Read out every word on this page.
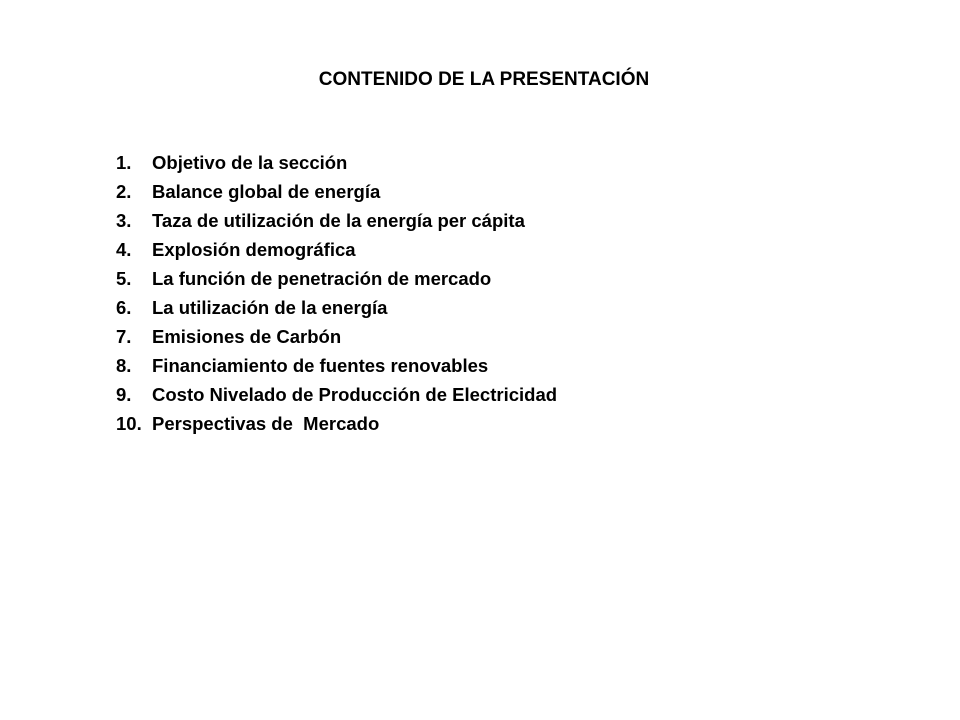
CONTENIDO DE LA PRESENTACIÓN
1.	Objetivo de la sección
2.	Balance global de energía
3.	Taza de utilización de la energía per cápita
4.	Explosión demográfica
5.	La función de penetración de mercado
6.	La utilización de la energía
7.	Emisiones de Carbón
8.	Financiamiento de fuentes renovables
9.	Costo Nivelado de Producción de Electricidad
10. Perspectivas de  Mercado
